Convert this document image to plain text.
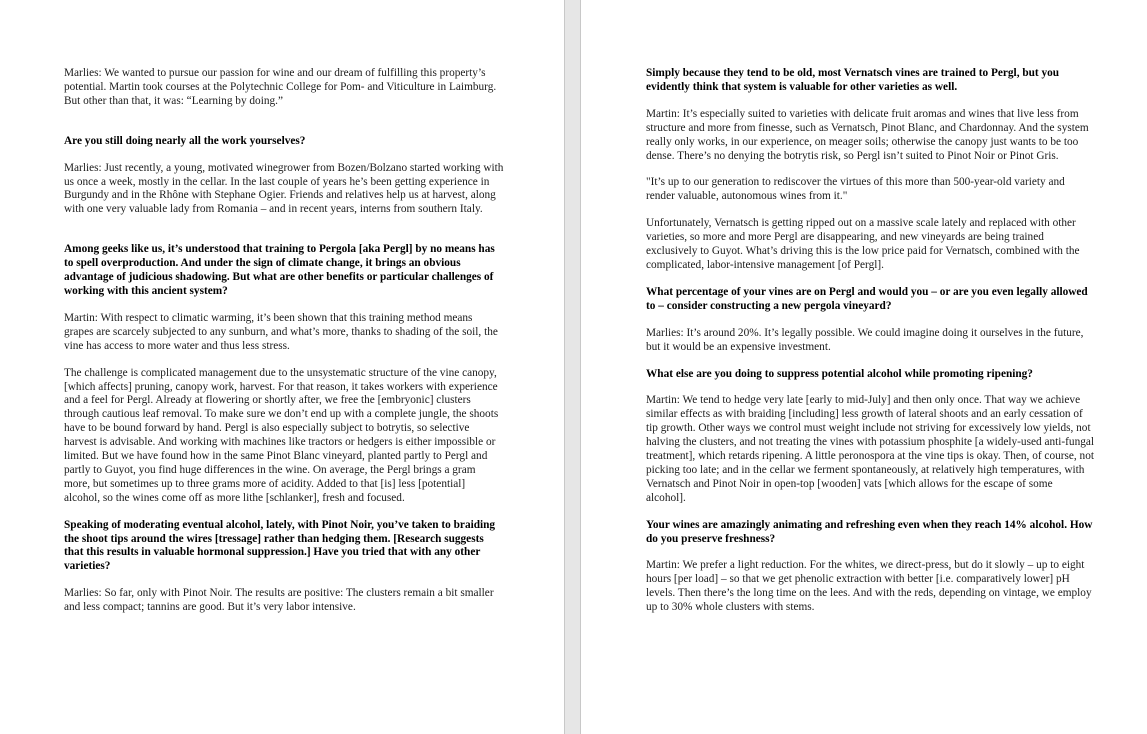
Marlies: We wanted to pursue our passion for wine and our dream of fulfilling this property’s potential. Martin took courses at the Polytechnic College for Pom- and Viticulture in Laimburg. But other than that, it was: “Learning by doing.”

Are you still doing nearly all the work yourselves?

Marlies: Just recently, a young, motivated winegrower from Bozen/Bolzano started working with us once a week, mostly in the cellar. In the last couple of years he’s been getting experience in Burgundy and in the Rhône with Stephane Ogier. Friends and relatives help us at harvest, along with one very valuable lady from Romania – and in recent years, interns from southern Italy.

Among geeks like us, it’s understood that training to Pergola [aka Pergl] by no means has to spell overproduction. And under the sign of climate change, it brings an obvious advantage of judicious shadowing. But what are other benefits or particular challenges of working with this ancient system?

Martin: With respect to climatic warming, it’s been shown that this training method means grapes are scarcely subjected to any sunburn, and what’s more, thanks to shading of the soil, the vine has access to more water and thus less stress.

The challenge is complicated management due to the unsystematic structure of the vine canopy, [which affects] pruning, canopy work, harvest. For that reason, it takes workers with experience and a feel for Pergl. Already at flowering or shortly after, we free the [embryonic] clusters through cautious leaf removal. To make sure we don’t end up with a complete jungle, the shoots have to be bound forward by hand. Pergl is also especially subject to botrytis, so selective harvest is advisable. And working with machines like tractors or hedgers is either impossible or limited. But we have found how in the same Pinot Blanc vineyard, planted partly to Pergl and partly to Guyot, you find huge differences in the wine. On average, the Pergl brings a gram more, but sometimes up to three grams more of acidity. Added to that [is] less [potential] alcohol, so the wines come off as more lithe [schlanker], fresh and focused.

Speaking of moderating eventual alcohol, lately, with Pinot Noir, you’ve taken to braiding the shoot tips around the wires [tressage] rather than hedging them. [Research suggests that this results in valuable hormonal suppression.] Have you tried that with any other varieties?

Marlies: So far, only with Pinot Noir. The results are positive: The clusters remain a bit smaller and less compact; tannins are good. But it’s very labor intensive.

Simply because they tend to be old, most Vernatsch vines are trained to Pergl, but you evidently think that system is valuable for other varieties as well.

Martin: It’s especially suited to varieties with delicate fruit aromas and wines that live less from structure and more from finesse, such as Vernatsch, Pinot Blanc, and Chardonnay. And the system really only works, in our experience, on meager soils; otherwise the canopy just wants to be too dense. There’s no denying the botrytis risk, so Pergl isn’t suited to Pinot Noir or Pinot Gris.

"It’s up to our generation to rediscover the virtues of this more than 500-year-old variety and render valuable, autonomous wines from it."

Unfortunately, Vernatsch is getting ripped out on a massive scale lately and replaced with other varieties, so more and more Pergl are disappearing, and new vineyards are being trained exclusively to Guyot. What’s driving this is the low price paid for Vernatsch, combined with the complicated, labor-intensive management [of Pergl].

What percentage of your vines are on Pergl and would you – or are you even legally allowed to – consider constructing a new pergola vineyard?

Marlies: It’s around 20%. It’s legally possible. We could imagine doing it ourselves in the future, but it would be an expensive investment.

What else are you doing to suppress potential alcohol while promoting ripening?

Martin: We tend to hedge very late [early to mid-July] and then only once. That way we achieve similar effects as with braiding [including] less growth of lateral shoots and an early cessation of tip growth. Other ways we control must weight include not striving for excessively low yields, not halving the clusters, and not treating the vines with potassium phosphite [a widely-used anti-fungal treatment], which retards ripening. A little peronospora at the vine tips is okay. Then, of course, not picking too late; and in the cellar we ferment spontaneously, at relatively high temperatures, with Vernatsch and Pinot Noir in open-top [wooden] vats [which allows for the escape of some alcohol].

Your wines are amazingly animating and refreshing even when they reach 14% alcohol. How do you preserve freshness?

Martin: We prefer a light reduction. For the whites, we direct-press, but do it slowly – up to eight hours [per load] – so that we get phenolic extraction with better [i.e. comparatively lower] pH levels. Then there’s the long time on the lees. And with the reds, depending on vintage, we employ up to 30% whole clusters with stems.
